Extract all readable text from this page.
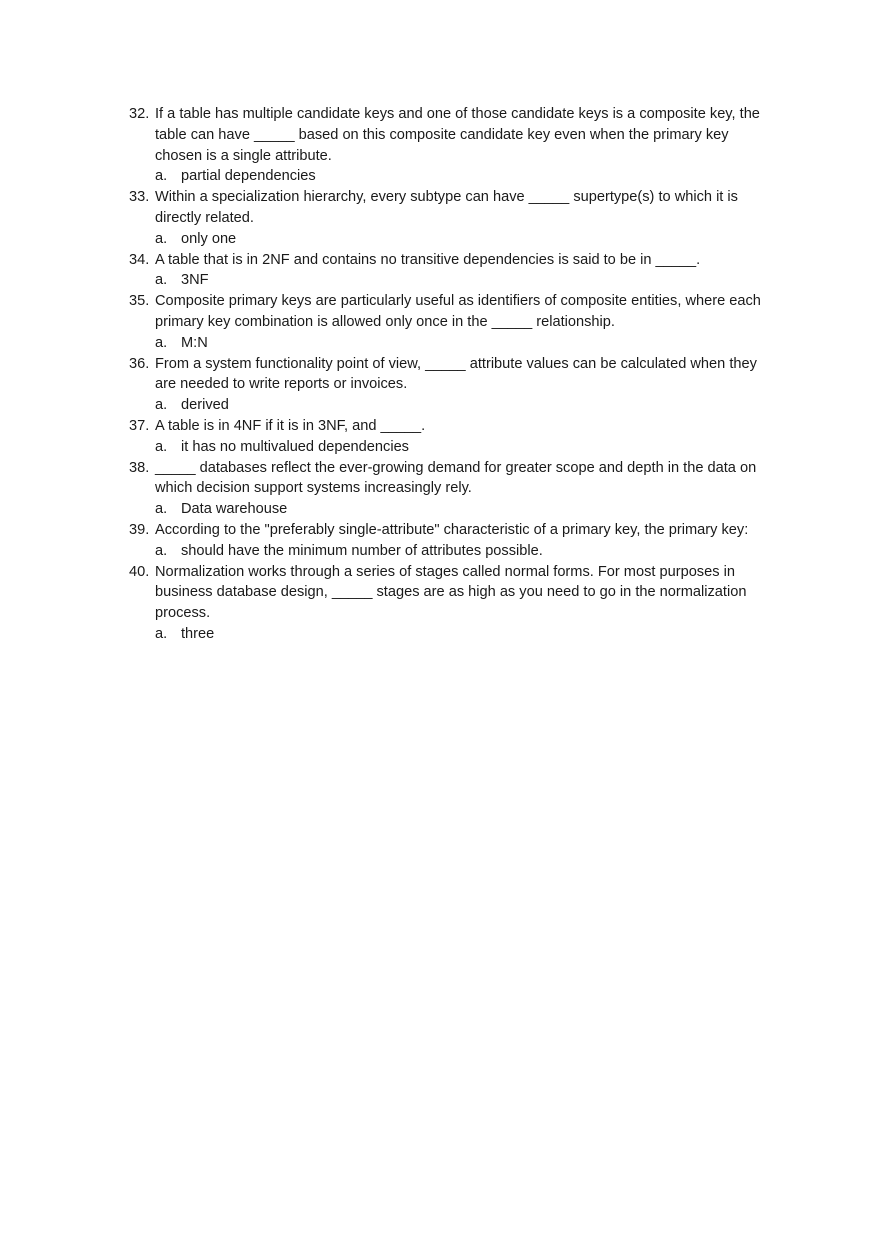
32. If a table has multiple candidate keys and one of those candidate keys is a composite key, the table can have _____ based on this composite candidate key even when the primary key chosen is a single attribute.
a. partial dependencies
33. Within a specialization hierarchy, every subtype can have _____ supertype(s) to which it is directly related.
a. only one
34. A table that is in 2NF and contains no transitive dependencies is said to be in _____.
a. 3NF
35. Composite primary keys are particularly useful as identifiers of composite entities, where each primary key combination is allowed only once in the _____ relationship.
a. M:N
36. From a system functionality point of view, _____ attribute values can be calculated when they are needed to write reports or invoices.
a. derived
37. A table is in 4NF if it is in 3NF, and _____.
a. it has no multivalued dependencies
38. _____ databases reflect the ever-growing demand for greater scope and depth in the data on which decision support systems increasingly rely.
a. Data warehouse
39. According to the "preferably single-attribute" characteristic of a primary key, the primary key:
a. should have the minimum number of attributes possible.
40. Normalization works through a series of stages called normal forms. For most purposes in business database design, _____ stages are as high as you need to go in the normalization process.
a. three
